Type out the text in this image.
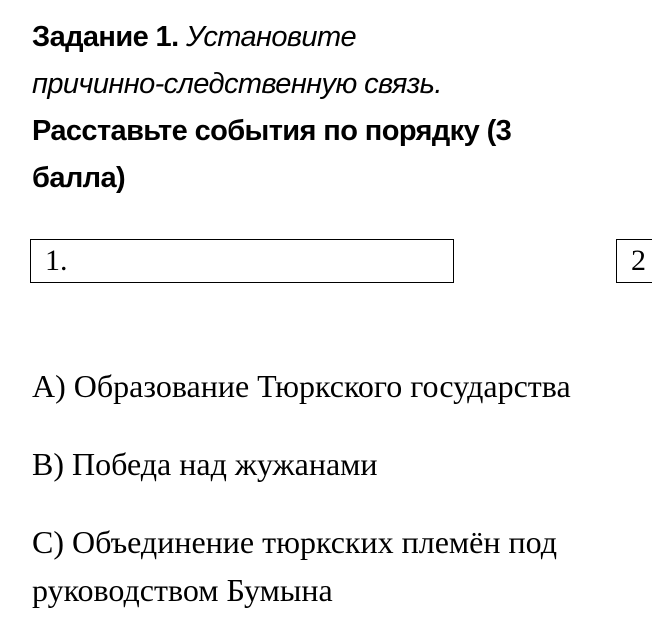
Задание 1. Установите
причинно-следственную связь.
Расставьте события по порядку (3
балла)
1.	2
А) Образование Тюркского государства
В) Победа над жужанами
С) Объединение тюркских племён под руководством Бумына
